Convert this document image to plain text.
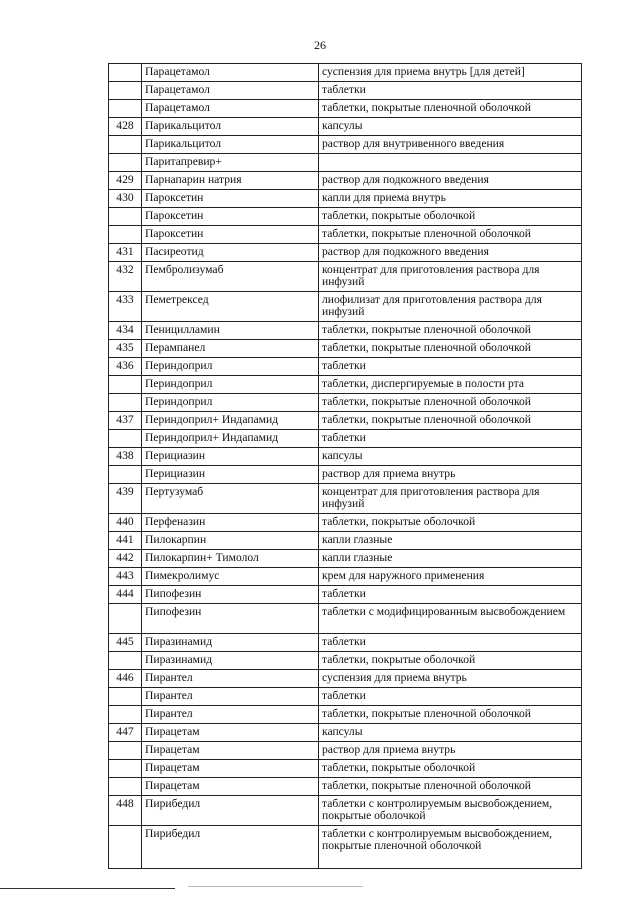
26
	Парацетамол	суспензия для приема внутрь [для детей]
	Парацетамол	таблетки
	Парацетамол	таблетки, покрытые пленочной оболочкой
428	Парикальцитол	капсулы
	Парикальцитол	раствор для внутривенного введения
	Паритапревир+	
429	Парнапарин натрия	раствор для подкожного введения
430	Пароксетин	капли для приема внутрь
	Пароксетин	таблетки, покрытые оболочкой
	Пароксетин	таблетки, покрытые пленочной оболочкой
431	Пасиреотид	раствор для подкожного введения
432	Пембролизумаб	концентрат для приготовления раствора для инфузий
433	Пеметрексед	лиофилизат для приготовления раствора для инфузий
434	Пеницилламин	таблетки, покрытые пленочной оболочкой
435	Перампанел	таблетки, покрытые пленочной оболочкой
436	Периндоприл	таблетки
	Периндоприл	таблетки, диспергируемые в полости рта
	Периндоприл	таблетки, покрытые пленочной оболочкой
437	Периндоприл+ Индапамид	таблетки, покрытые пленочной оболочкой
	Периндоприл+ Индапамид	таблетки
438	Перициазин	капсулы
	Перициазин	раствор для приема внутрь
439	Пертузумаб	концентрат для приготовления раствора для инфузий
440	Перфеназин	таблетки, покрытые оболочкой
441	Пилокарпин	капли глазные
442	Пилокарпин+ Тимолол	капли глазные
443	Пимекролимус	крем для наружного применения
444	Пипофезин	таблетки
	Пипофезин	таблетки с модифицированным высвобождением
445	Пиразинамид	таблетки
	Пиразинамид	таблетки, покрытые оболочкой
446	Пирантел	суспензия для приема внутрь
	Пирантел	таблетки
	Пирантел	таблетки, покрытые пленочной оболочкой
447	Пирацетам	капсулы
	Пирацетам	раствор для приема внутрь
	Пирацетам	таблетки, покрытые оболочкой
	Пирацетам	таблетки, покрытые пленочной оболочкой
448	Пирибедил	таблетки с контролируемым высвобождением, покрытые оболочкой
	Пирибедил	таблетки с контролируемым высвобождением, покрытые пленочной оболочкой
